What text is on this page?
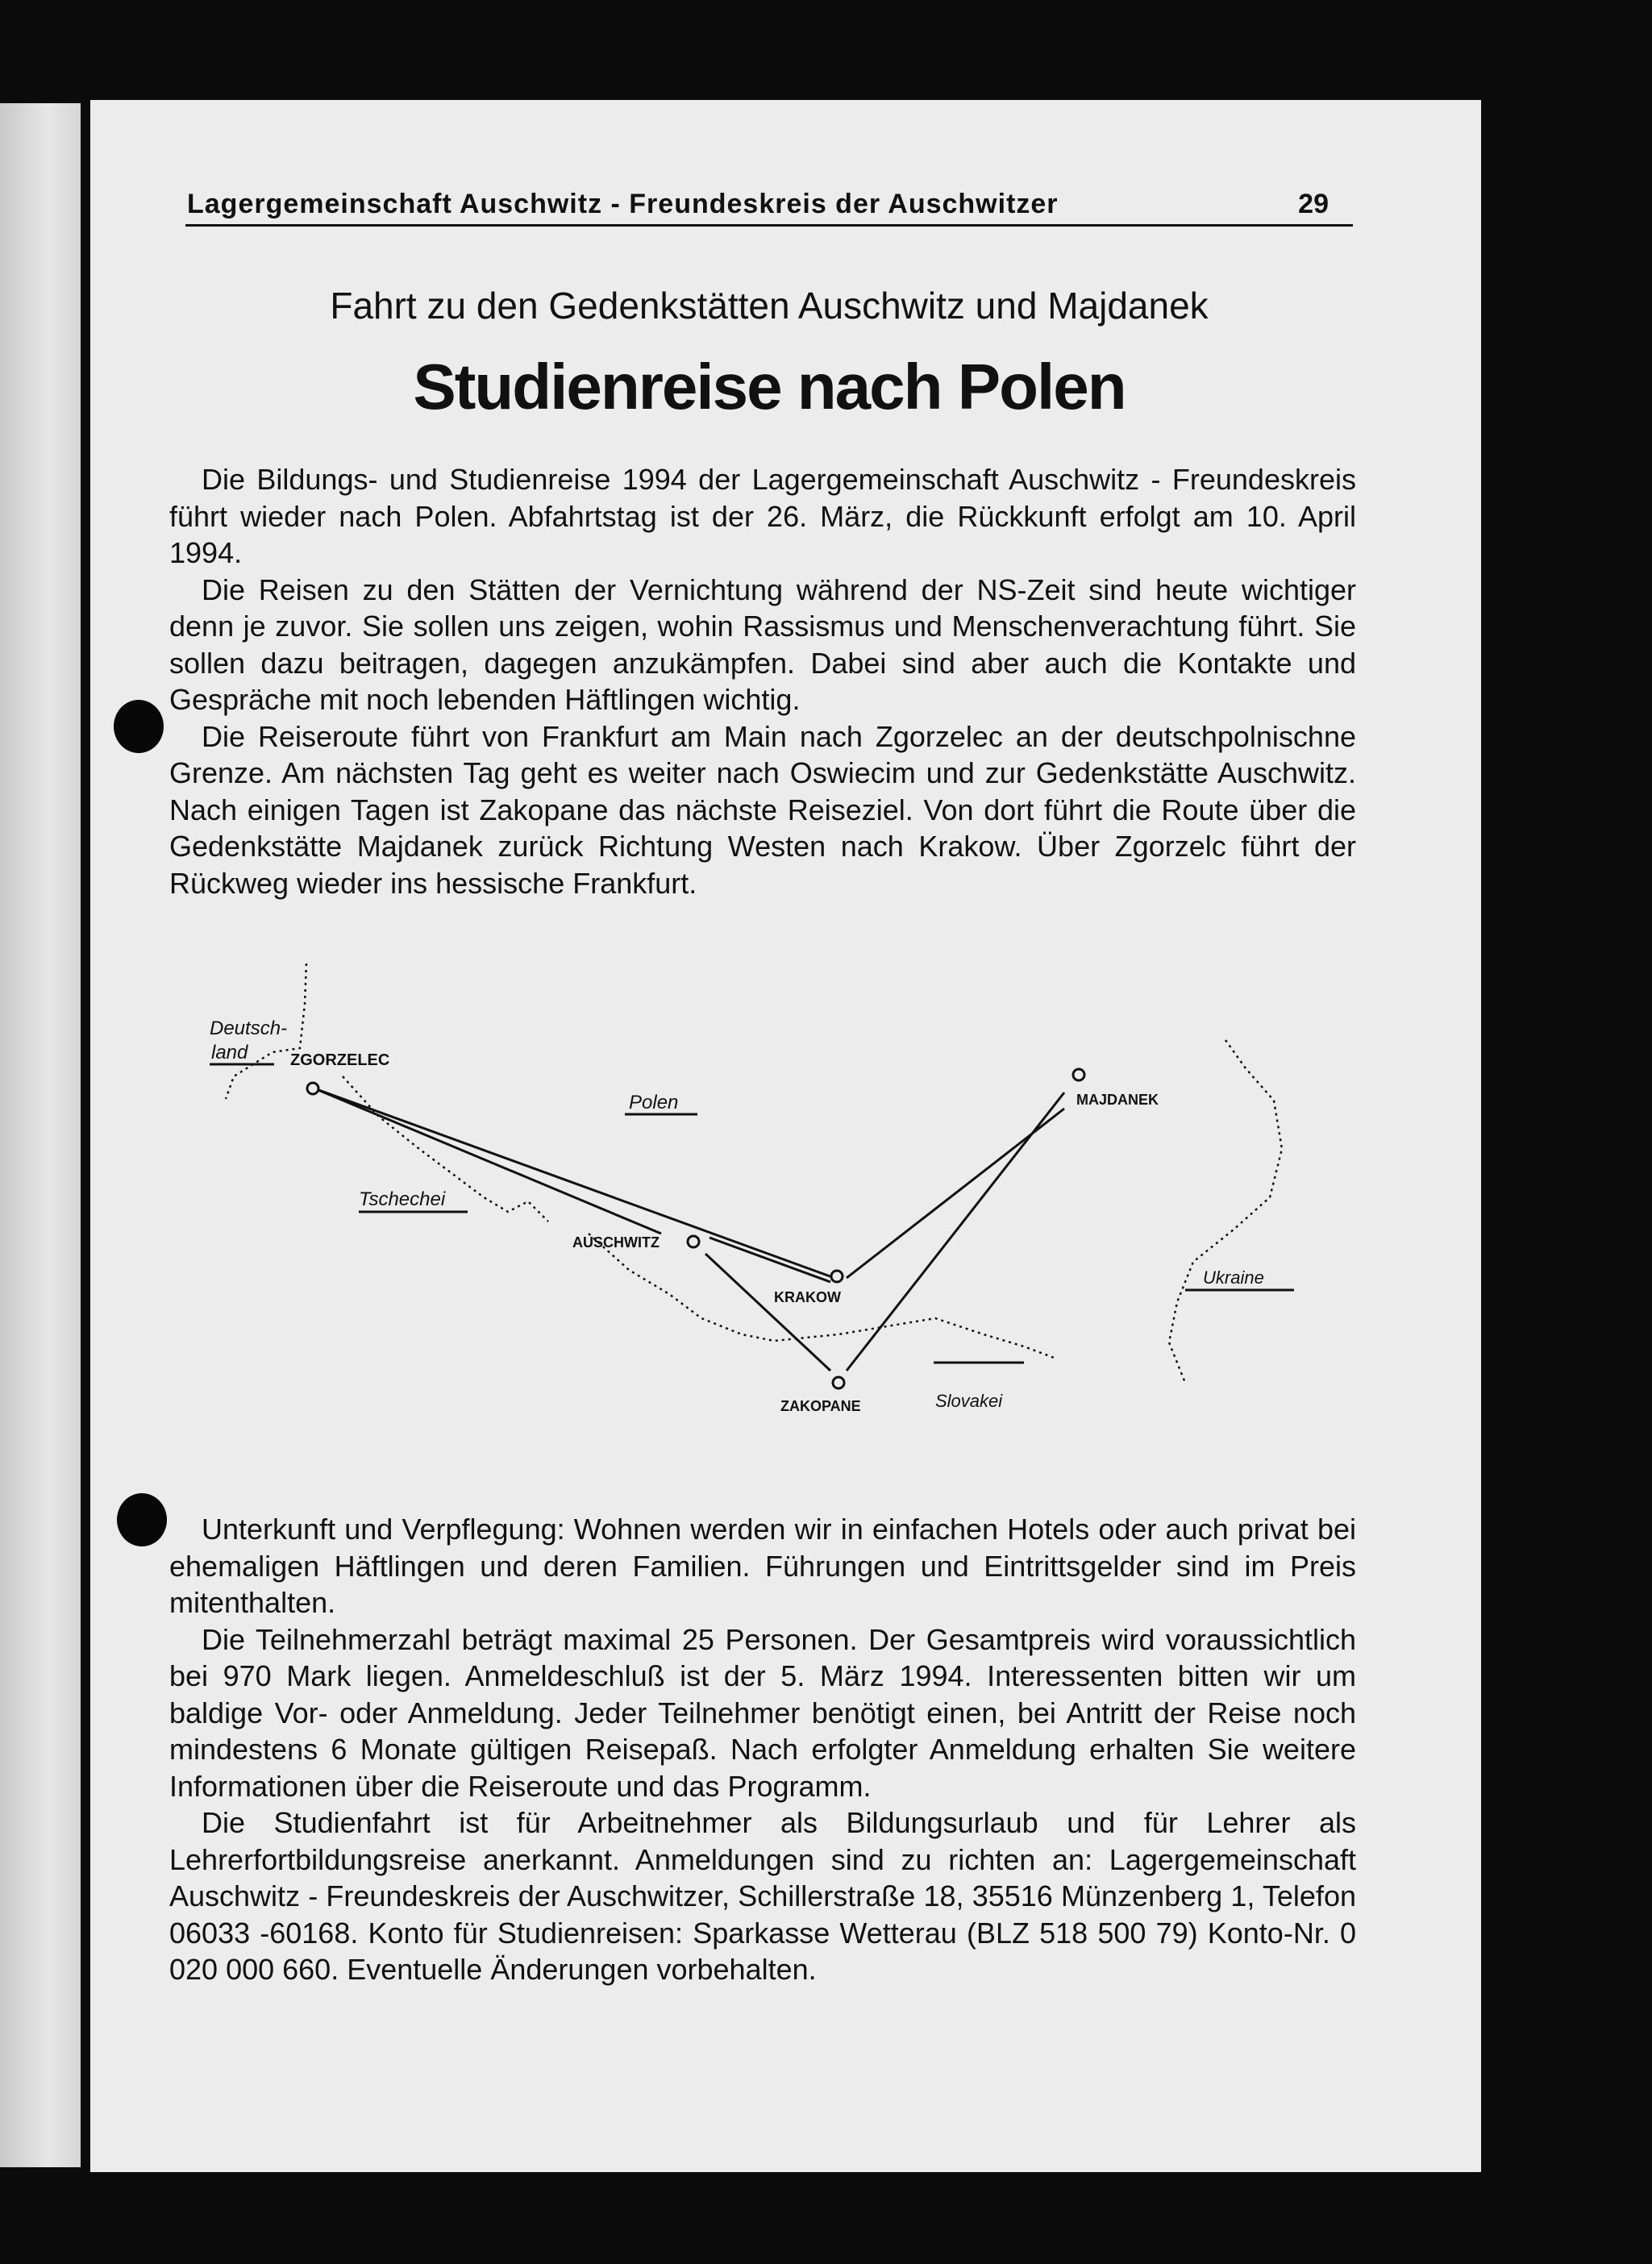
Lagergemeinschaft Auschwitz - Freundeskreis der Auschwitzer	29
Fahrt zu den Gedenkstätten Auschwitz und Majdanek
Studienreise nach Polen

Die Bildungs- und Studienreise 1994 der Lagergemeinschaft Auschwitz - Freundeskreis führt wieder nach Polen. Abfahrtstag ist der 26. März, die Rückkunft erfolgt am 10. April 1994.

Die Reisen zu den Stätten der Vernichtung während der NS-Zeit sind heute wichtiger denn je zuvor. Sie sollen uns zeigen, wohin Rassismus und Menschenverachtung führt. Sie sollen dazu beitragen, dagegen anzukämpfen. Dabei sind aber auch die Kontakte und Gespräche mit noch lebenden Häftlingen wichtig.

Die Reiseroute führt von Frankfurt am Main nach Zgorzelec an der deutschpolnischne Grenze. Am nächsten Tag geht es weiter nach Oswiecim und zur Gedenkstätte Auschwitz. Nach einigen Tagen ist Zakopane das nächste Reiseziel. Von dort führt die Route über die Gedenkstätte Majdanek zurück Richtung Westen nach Krakow. Über Zgorzelc führt der Rückweg wieder ins hessische Frankfurt.

Deutsch-
land	ZGORZELEC
Polen	MAJDANEK
Tschechei
AUSCHWITZ
KRAKOW
Ukraine
ZAKOPANE	Slovakei

Unterkunft und Verpflegung: Wohnen werden wir in einfachen Hotels oder auch privat bei ehemaligen Häftlingen und deren Familien. Führungen und Eintrittsgelder sind im Preis mitenthalten.

Die Teilnehmerzahl beträgt maximal 25 Personen. Der Gesamtpreis wird voraussichtlich bei 970 Mark liegen. Anmeldeschluß ist der 5. März 1994. Interessenten bitten wir um baldige Vor- oder Anmeldung. Jeder Teilnehmer benötigt einen, bei Antritt der Reise noch mindestens 6 Monate gültigen Reisepaß. Nach erfolgter Anmeldung erhalten Sie weitere Informationen über die Reiseroute und das Programm.

Die Studienfahrt ist für Arbeitnehmer als Bildungsurlaub und für Lehrer als Lehrerfortbildungsreise anerkannt. Anmeldungen sind zu richten an: Lagergemeinschaft Auschwitz - Freundeskreis der Auschwitzer, Schillerstraße 18, 35516 Münzenberg 1, Telefon 06033 -60168. Konto für Studienreisen: Sparkasse Wetterau (BLZ 518 500 79) Konto-Nr. 0 020 000 660. Eventuelle Änderungen vorbehalten.
